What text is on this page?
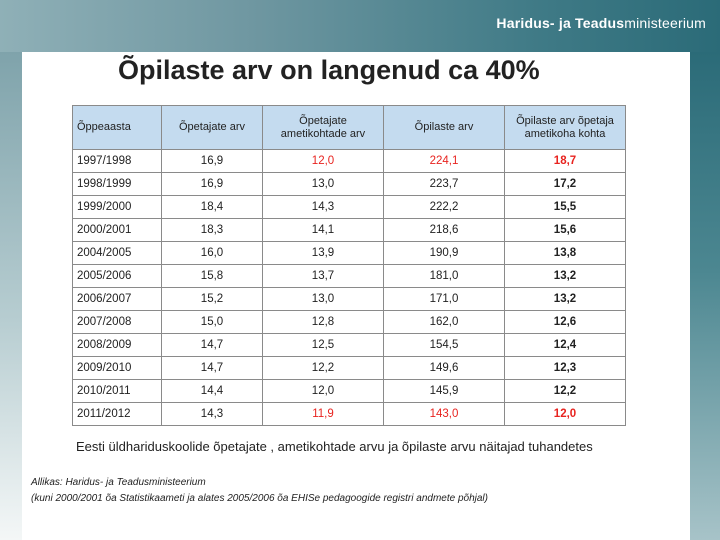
Haridus- ja Teadusministeerium
Õpilaste arv on langenud ca 40%
Õppeaasta	Õpetajate arv	Õpetajate ametikohtade arv	Õpilaste arv	Õpilaste arv õpetaja ametikoha kohta
1997/1998	16,9	12,0	224,1	18,7
1998/1999	16,9	13,0	223,7	17,2
1999/2000	18,4	14,3	222,2	15,5
2000/2001	18,3	14,1	218,6	15,6
2004/2005	16,0	13,9	190,9	13,8
2005/2006	15,8	13,7	181,0	13,2
2006/2007	15,2	13,0	171,0	13,2
2007/2008	15,0	12,8	162,0	12,6
2008/2009	14,7	12,5	154,5	12,4
2009/2010	14,7	12,2	149,6	12,3
2010/2011	14,4	12,0	145,9	12,2
2011/2012	14,3	11,9	143,0	12,0
Eesti üldhariduskoolide õpetajate , ametikohtade arvu ja õpilaste arvu näitajad tuhandetes
Allikas: Haridus- ja Teadusministeerium
(kuni 2000/2001 õa Statistikaameti ja alates 2005/2006 õa EHISe pedagoogide registri andmete põhjal)
